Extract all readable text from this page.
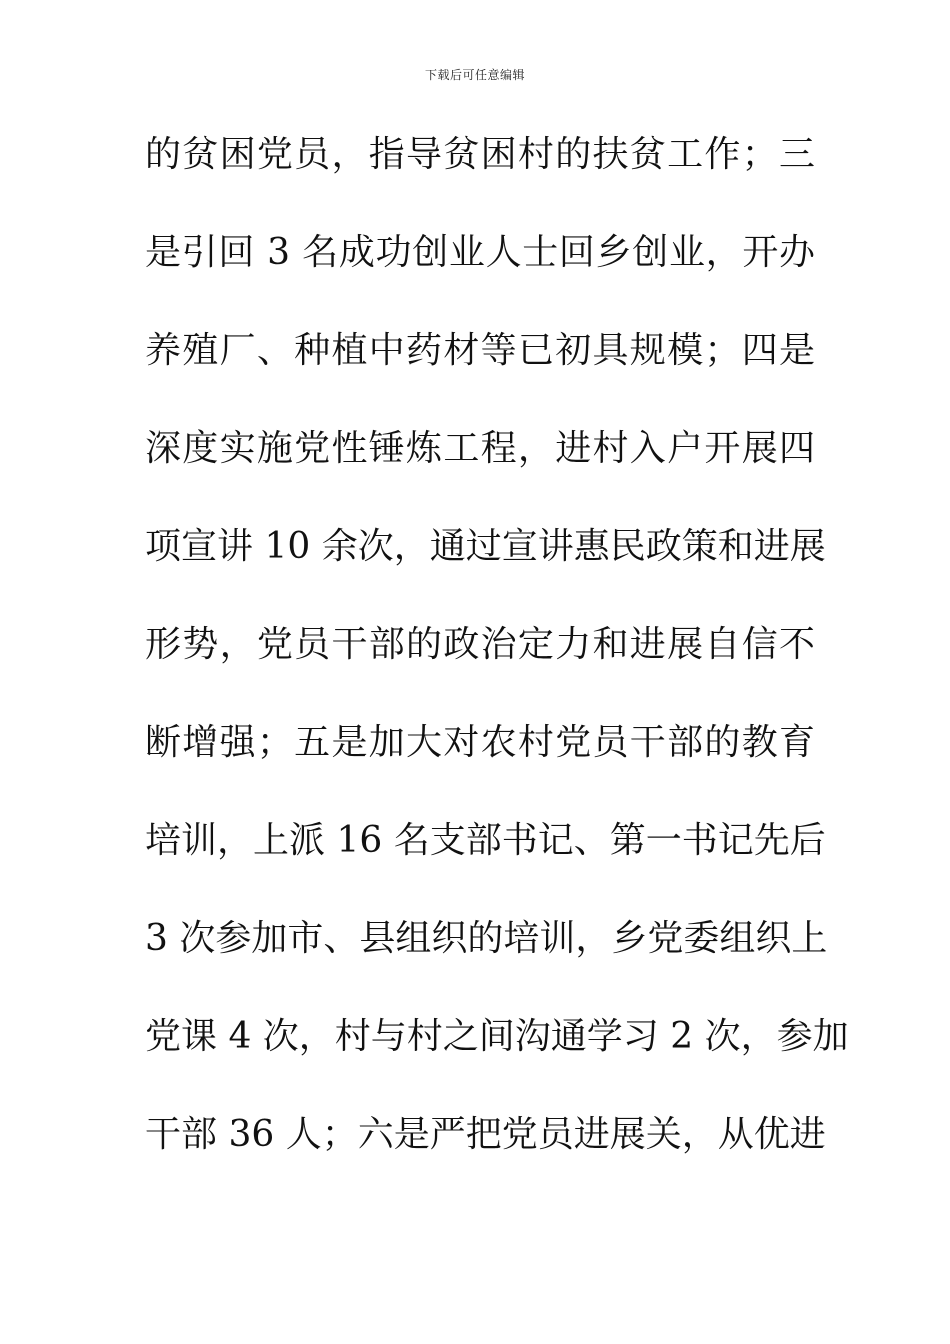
下载后可任意编辑
的贫困党员，指导贫困村的扶贫工作；三
是引回 3 名成功创业人士回乡创业，开办
养殖厂、种植中药材等已初具规模；四是
深度实施党性锤炼工程，进村入户开展四
项宣讲 10 余次，通过宣讲惠民政策和进展
形势，党员干部的政治定力和进展自信不
断增强；五是加大对农村党员干部的教育
培训，上派 16 名支部书记、第一书记先后
3 次参加市、县组织的培训，乡党委组织上
党课 4 次，村与村之间沟通学习 2 次，参加
干部 36 人；六是严把党员进展关，从优进
